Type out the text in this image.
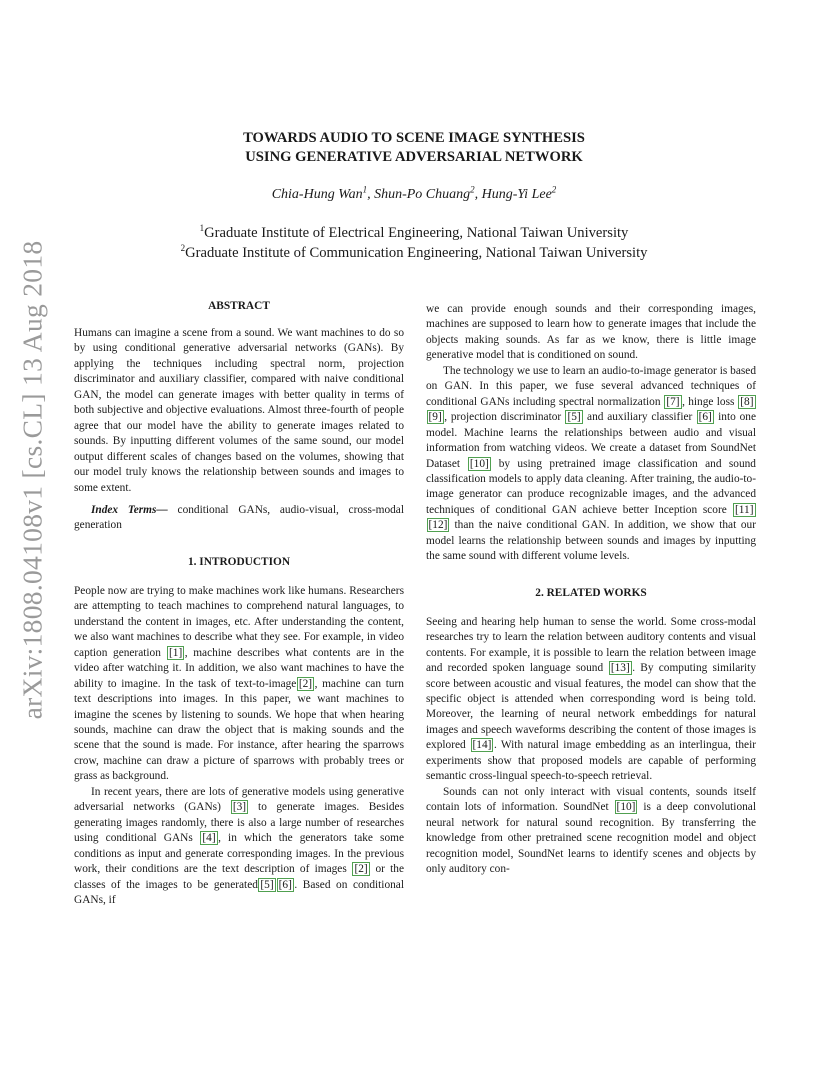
arXiv:1808.04108v1 [cs.CL] 13 Aug 2018
TOWARDS AUDIO TO SCENE IMAGE SYNTHESIS
USING GENERATIVE ADVERSARIAL NETWORK
Chia-Hung Wan$^1$, Shun-Po Chuang$^2$, Hung-Yi Lee$^2$
$^1$Graduate Institute of Electrical Engineering, National Taiwan University
$^2$Graduate Institute of Communication Engineering, National Taiwan University
ABSTRACT

Humans can imagine a scene from a sound. We want machines to do so by using conditional generative adversarial networks (GANs). By applying the techniques including spectral norm, projection discriminator and auxiliary classifier, compared with naive conditional GAN, the model can generate images with better quality in terms of both subjective and objective evaluations. Almost three-fourth of people agree that our model have the ability to generate images related to sounds. By inputting different volumes of the same sound, our model output different scales of changes based on the volumes, showing that our model truly knows the relationship between sounds and images to some extent.

Index Terms— conditional GANs, audio-visual, cross-modal generation

1. INTRODUCTION

People now are trying to make machines work like humans. Researchers are attempting to teach machines to comprehend natural languages, to understand the content in images, etc. After understanding the content, we also want machines to describe what they see. For example, in video caption generation [1] , machine describes what contents are in the video after watching it. In addition, we also want machines to have the ability to imagine. In the task of text-to-image [2] , machine can turn text descriptions into images. In this paper, we want machines to imagine the scenes by listening to sounds. We hope that when hearing sounds, machine can draw the object that is making sounds and the scene that the sound is made. For instance, after hearing the sparrows crow, machine can draw a picture of sparrows with probably trees or grass as background.

In recent years, there are lots of generative models using generative adversarial networks (GANs) [3] to generate images. Besides generating images randomly, there is also a large number of researches using conditional GANs [4] , in which the generators take some conditions as input and generate corresponding images. In the previous work, their conditions are the text description of images [2] or the classes of the images to be generated [5] [6] . Based on conditional GANs, if

we can provide enough sounds and their corresponding images, machines are supposed to learn how to generate images that include the objects making sounds. As far as we know, there is little image generative model that is conditioned on sound.

The technology we use to learn an audio-to-image generator is based on GAN. In this paper, we fuse several advanced techniques of conditional GANs including spectral normalization [7] , hinge loss [8][9] , projection discriminator [5] and auxiliary classifier [6] into one model. Machine learns the relationships between audio and visual information from watching videos. We create a dataset from SoundNet Dataset [10] by using pretrained image classification and sound classification models to apply data cleaning. After training, the audio-to-image generator can produce recognizable images, and the advanced techniques of conditional GAN achieve better Inception score [11][12] than the naive conditional GAN. In addition, we show that our model learns the relationship between sounds and images by inputting the same sound with different volume levels.

2. RELATED WORKS

Seeing and hearing help human to sense the world. Some cross-modal researches try to learn the relation between auditory contents and visual contents. For example, it is possible to learn the relation between image and recorded spoken language sound [13] . By computing similarity score between acoustic and visual features, the model can show that the specific object is attended when corresponding word is being told. Moreover, the learning of neural network embeddings for natural images and speech waveforms describing the content of those images is explored [14] . With natural image embedding as an interlingua, their experiments show that proposed models are capable of performing semantic cross-lingual speech-to-speech retrieval.

Sounds can not only interact with visual contents, sounds itself contain lots of information. SoundNet [10] is a deep convolutional neural network for natural sound recognition. By transferring the knowledge from other pretrained scene recognition model and object recognition model, SoundNet learns to identify scenes and objects by only auditory con-
